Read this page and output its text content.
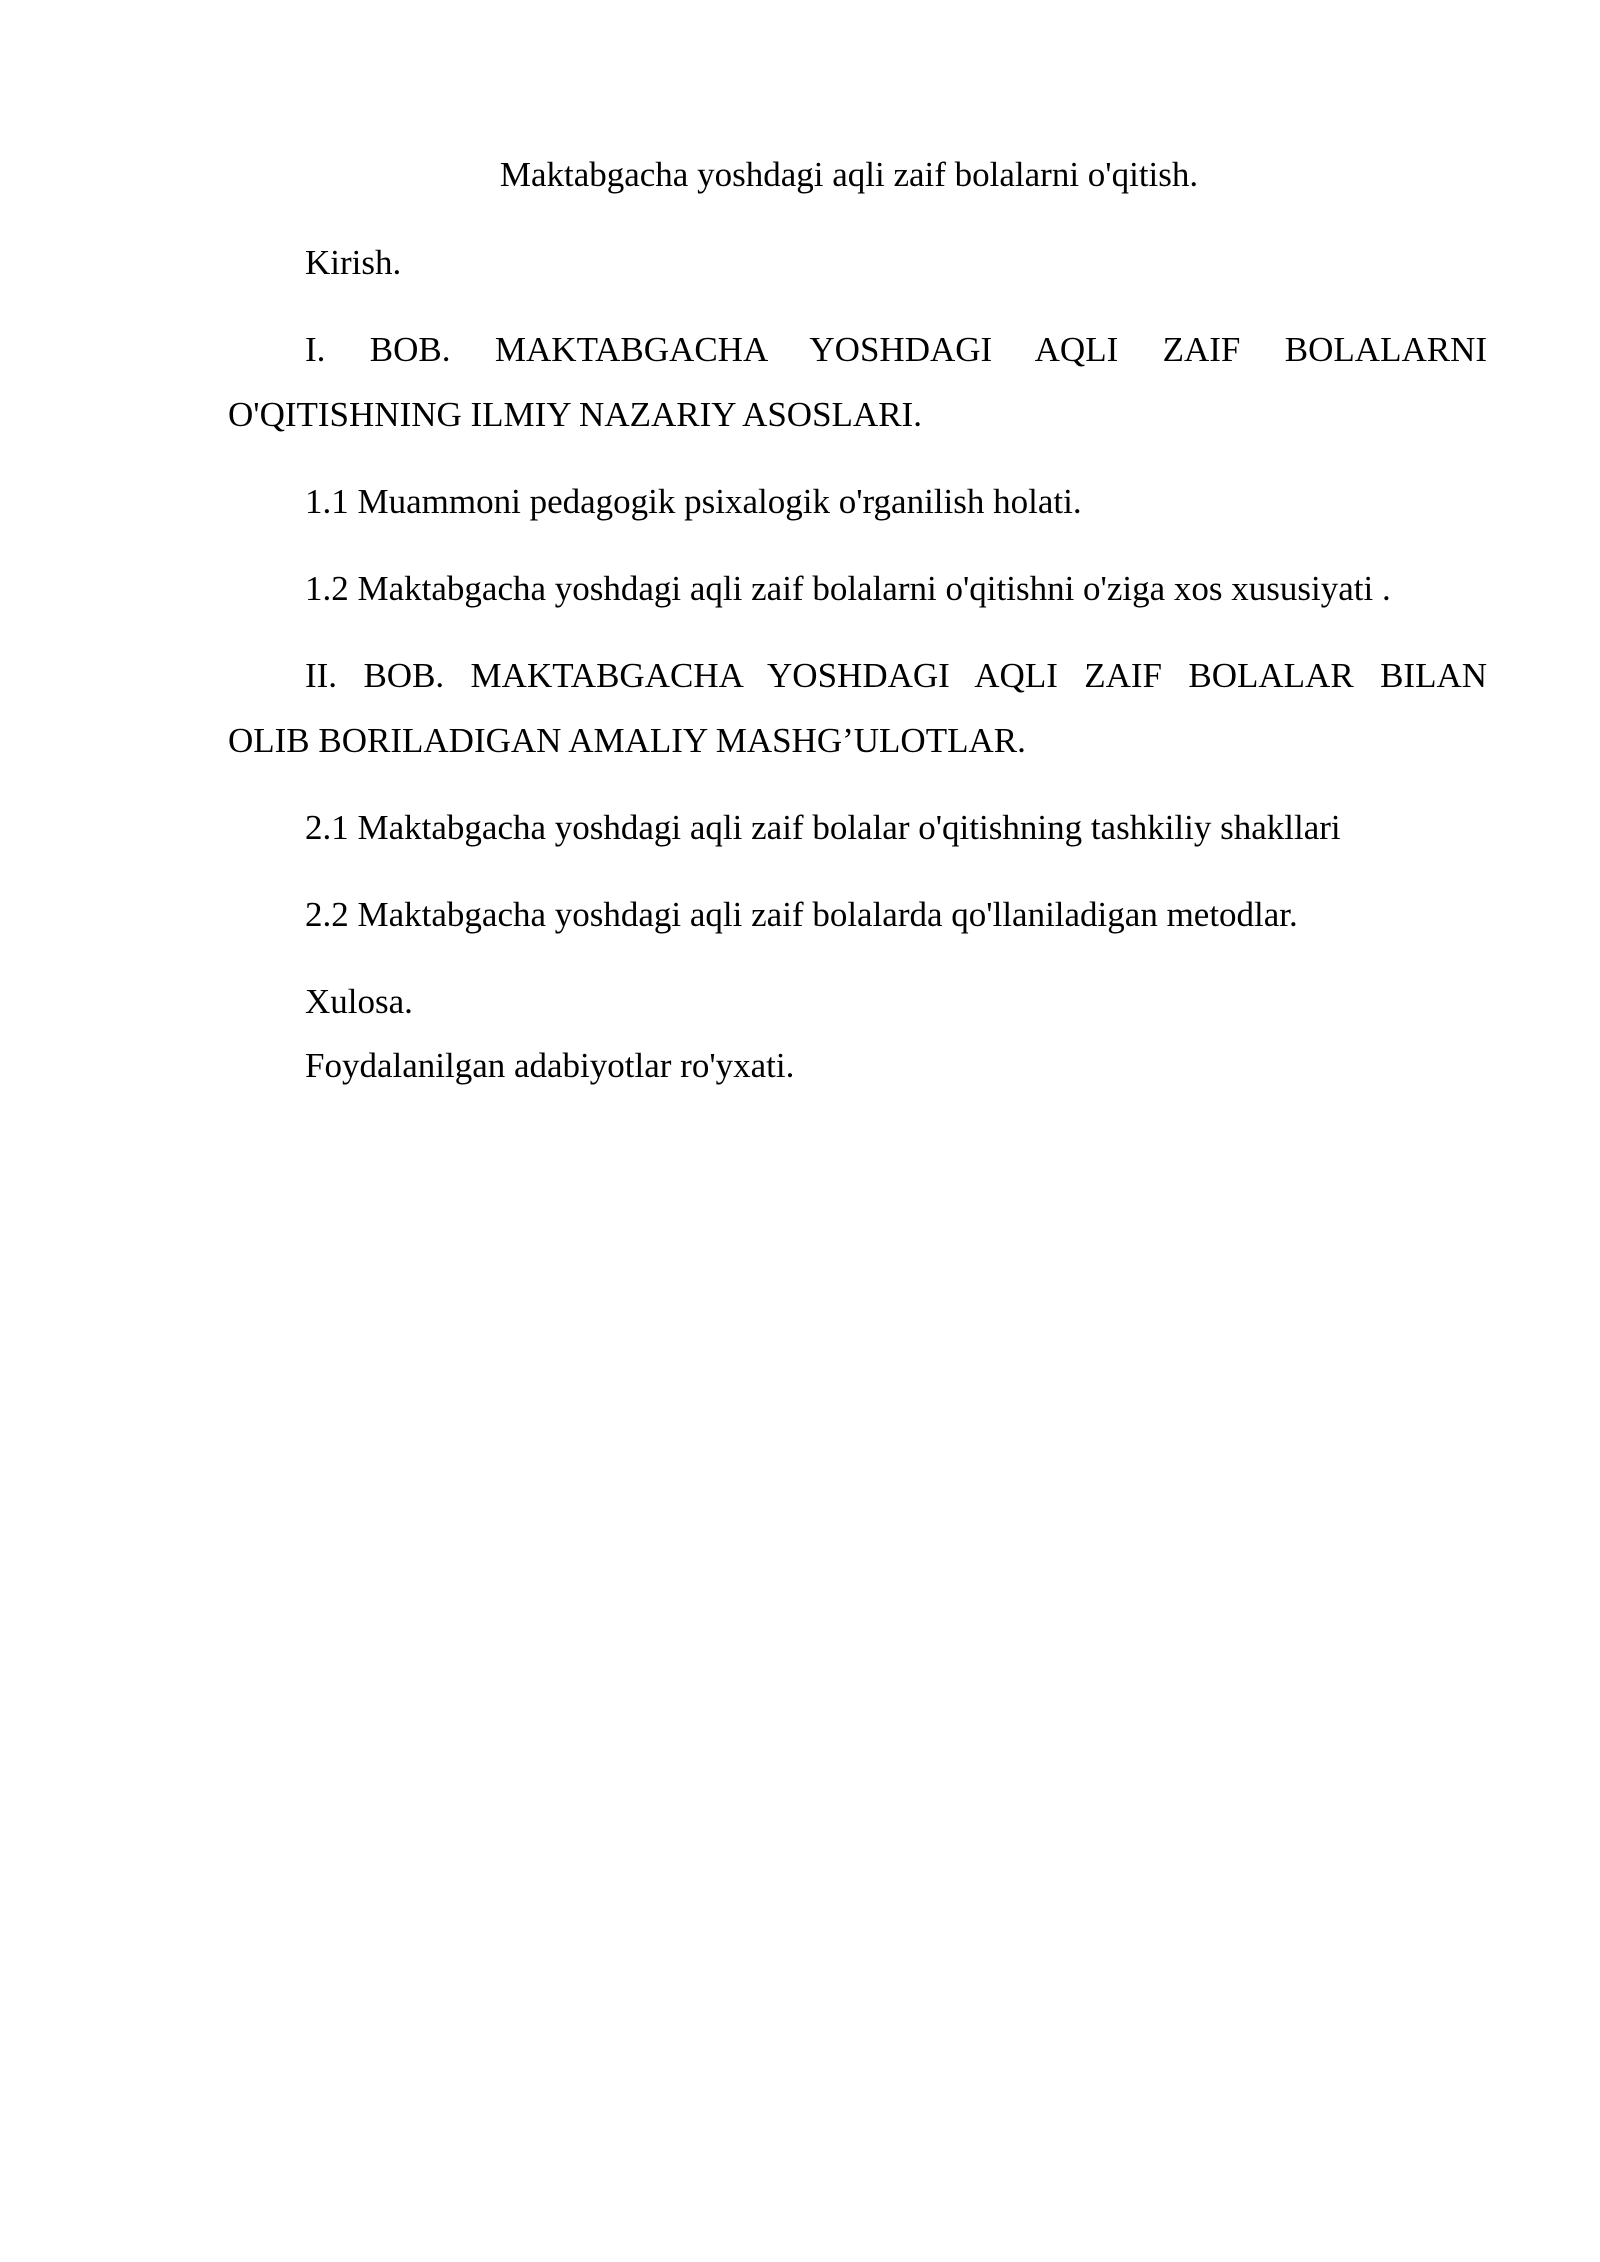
Maktabgacha yoshdagi aqli zaif bolalarni o'qitish.

Kirish.

I. BOB. MAKTABGACHA YOSHDAGI AQLI ZAIF BOLALARNI

O'QITISHNING ILMIY NAZARIY ASOSLARI.

1.1 Muammoni pedagogik psixalogik o'rganilish holati.

1.2 Maktabgacha yoshdagi aqli zaif bolalarni o'qitishni o'ziga xos xususiyati .

II. BOB. MAKTABGACHA YOSHDAGI AQLI ZAIF BOLALAR BILAN

OLIB BORILADIGAN AMALIY MASHG’ULOTLAR.

2.1 Maktabgacha yoshdagi aqli zaif bolalar o'qitishning tashkiliy shakllari

2.2 Maktabgacha yoshdagi aqli zaif bolalarda qo'llaniladigan metodlar.

Xulosa.

Foydalanilgan adabiyotlar ro'yxati.
